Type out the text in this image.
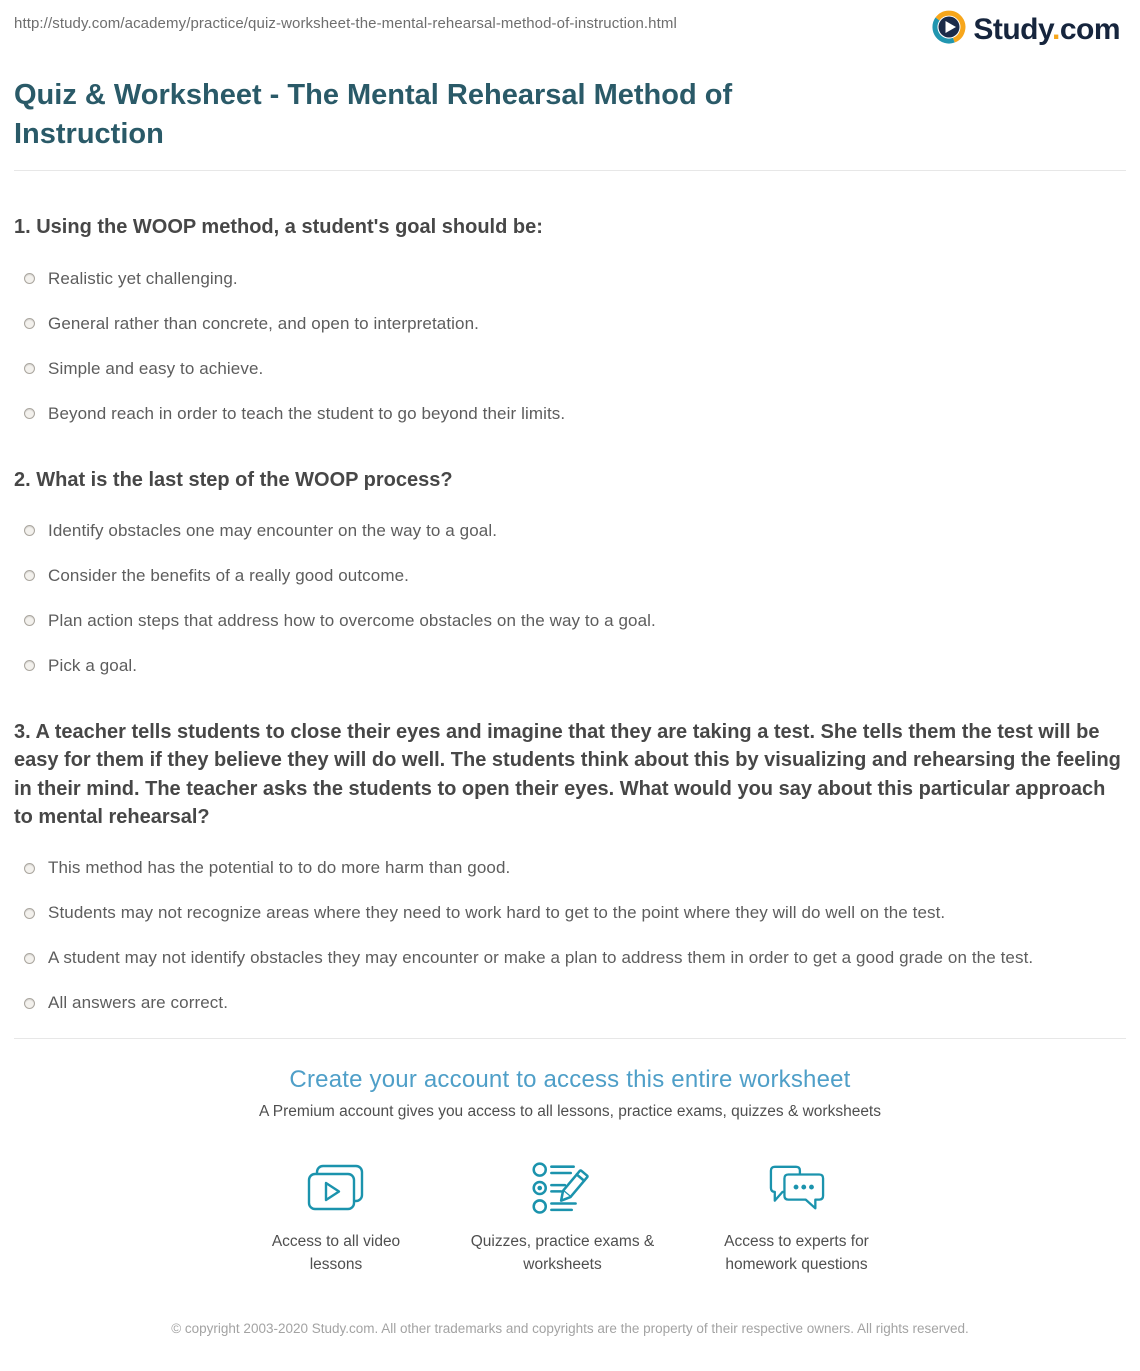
http://study.com/academy/practice/quiz-worksheet-the-mental-rehearsal-method-of-instruction.html	Study.com
Quiz & Worksheet - The Mental Rehearsal Method of Instruction
1. Using the WOOP method, a student's goal should be:
Realistic yet challenging.
General rather than concrete, and open to interpretation.
Simple and easy to achieve.
Beyond reach in order to teach the student to go beyond their limits.
2. What is the last step of the WOOP process?
Identify obstacles one may encounter on the way to a goal.
Consider the benefits of a really good outcome.
Plan action steps that address how to overcome obstacles on the way to a goal.
Pick a goal.
3. A teacher tells students to close their eyes and imagine that they are taking a test. She tells them the test will be easy for them if they believe they will do well. The students think about this by visualizing and rehearsing the feeling in their mind. The teacher asks the students to open their eyes. What would you say about this particular approach to mental rehearsal?
This method has the potential to to do more harm than good.
Students may not recognize areas where they need to work hard to get to the point where they will do well on the test.
A student may not identify obstacles they may encounter or make a plan to address them in order to get a good grade on the test.
All answers are correct.
Create your account to access this entire worksheet

A Premium account gives you access to all lessons, practice exams, quizzes & worksheets

Access to all video lessons
Quizzes, practice exams & worksheets
Access to experts for homework questions
© copyright 2003-2020 Study.com. All other trademarks and copyrights are the property of their respective owners. All rights reserved.
